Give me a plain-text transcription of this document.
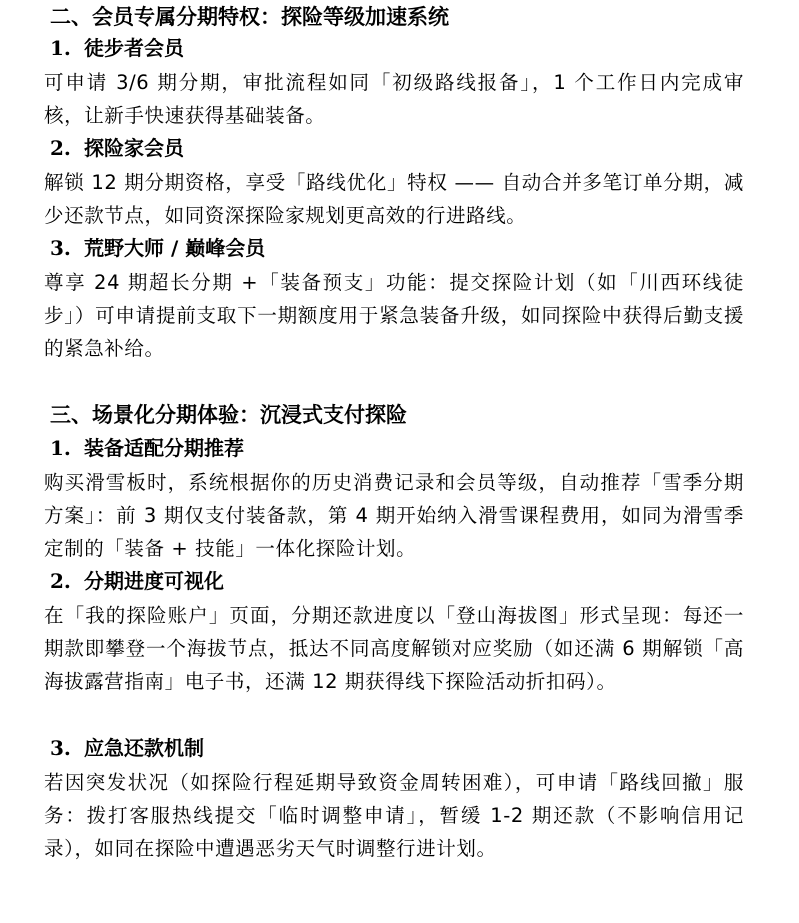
二、会员专属分期特权：探险等级加速系统
1. 徒步者会员
可申请 3/6 期分期，审批流程如同「初级路线报备」，1 个工作日内完成审核，让新手快速获得基础装备。
2. 探险家会员
解锁 12 期分期资格，享受「路线优化」特权 —— 自动合并多笔订单分期，减少还款节点，如同资深探险家规划更高效的行进路线。
3. 荒野大师 / 巅峰会员
尊享 24 期超长分期 +「装备预支」功能：提交探险计划（如「川西环线徒步」）可申请提前支取下一期额度用于紧急装备升级，如同探险中获得后勤支援的紧急补给。
三、场景化分期体验：沉浸式支付探险
1. 装备适配分期推荐
购买滑雪板时，系统根据你的历史消费记录和会员等级，自动推荐「雪季分期方案」：前 3 期仅支付装备款，第 4 期开始纳入滑雪课程费用，如同为滑雪季定制的「装备 + 技能」一体化探险计划。
2. 分期进度可视化
在「我的探险账户」页面，分期还款进度以「登山海拔图」形式呈现：每还一期款即攀登一个海拔节点，抵达不同高度解锁对应奖励（如还满 6 期解锁「高海拔露营指南」电子书，还满 12 期获得线下探险活动折扣码）。
3. 应急还款机制
若因突发状况（如探险行程延期导致资金周转困难），可申请「路线回撤」服务：拨打客服热线提交「临时调整申请」，暂缓 1-2 期还款（不影响信用记录），如同在探险中遭遇恶劣天气时调整行进计划。
